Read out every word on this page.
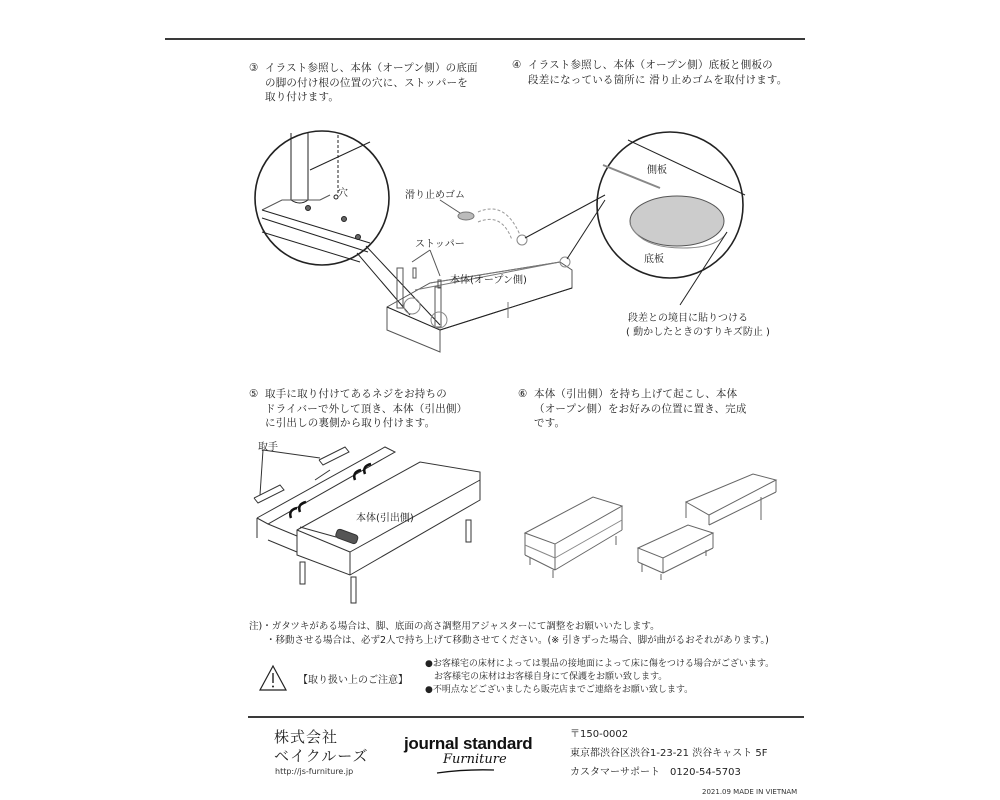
③ イラスト参照し、本体（オープン側）の底面
の脚の付け根の位置の穴に、ストッパーを
取り付けます。
④ イラスト参照し、本体（オープン側）底板と側板の
段差になっている箇所に 滑り止めゴムを取付けます。
穴	滑り止めゴム
ストッパー
本体(オープン側)
側板
底板
段差との境目に貼りつける
( 動かしたときのすりキズ防止 )
⑤ 取手に取り付けてあるネジをお持ちの
ドライバーで外して頂き、本体（引出側）
に引出しの裏側から取り付けます。
⑥ 本体（引出側）を持ち上げて起こし、本体
（オープン側）をお好みの位置に置き、完成
です。
取手
本体(引出側)
注)・ガタツキがある場合は、脚、底面の高さ調整用アジャスターにて調整をお願いいたします。
・移動させる場合は、必ず2人で持ち上げて移動させてください。(※ 引きずった場合、脚が曲がるおそれがあります。)
【取り扱い上のご注意】
●お客様宅の床材によっては製品の接地面によって床に傷をつける場合がございます。
　お客様宅の床材はお客様自身にて保護をお願い致します。
●不明点などございましたら販売店までご連絡をお願い致します。
株式会社
ベイクルーズ
http://js-furniture.jp
journal standard
Furniture
〒150-0002
東京都渋谷区渋谷1-23-21 渋谷キャスト 5F
カスタマーサポート　0120-54-5703
2021.09 MADE IN VIETNAM
